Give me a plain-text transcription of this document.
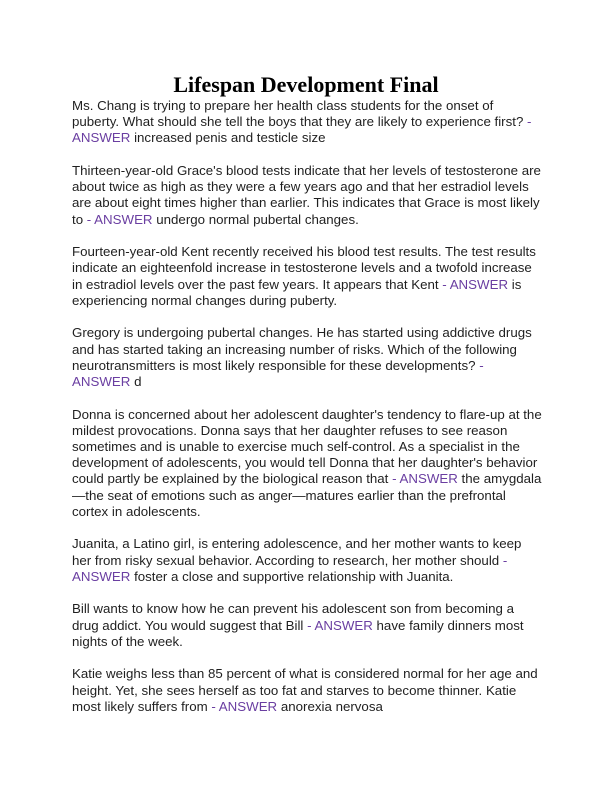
Lifespan Development Final

Ms. Chang is trying to prepare her health class students for the onset of puberty. What should she tell the boys that they are likely to experience first? - ANSWER increased penis and testicle size

Thirteen-year-old Grace's blood tests indicate that her levels of testosterone are about twice as high as they were a few years ago and that her estradiol levels are about eight times higher than earlier. This indicates that Grace is most likely to - ANSWER undergo normal pubertal changes.

Fourteen-year-old Kent recently received his blood test results. The test results indicate an eighteenfold increase in testosterone levels and a twofold increase in estradiol levels over the past few years. It appears that Kent - ANSWER is experiencing normal changes during puberty.

Gregory is undergoing pubertal changes. He has started using addictive drugs and has started taking an increasing number of risks. Which of the following neurotransmitters is most likely responsible for these developments? - ANSWER d

Donna is concerned about her adolescent daughter's tendency to flare-up at the mildest provocations. Donna says that her daughter refuses to see reason sometimes and is unable to exercise much self-control. As a specialist in the development of adolescents, you would tell Donna that her daughter's behavior could partly be explained by the biological reason that - ANSWER the amygdala—the seat of emotions such as anger—matures earlier than the prefrontal cortex in adolescents.

Juanita, a Latino girl, is entering adolescence, and her mother wants to keep her from risky sexual behavior. According to research, her mother should - ANSWER foster a close and supportive relationship with Juanita.

Bill wants to know how he can prevent his adolescent son from becoming a drug addict. You would suggest that Bill - ANSWER have family dinners most nights of the week.

Katie weighs less than 85 percent of what is considered normal for her age and height. Yet, she sees herself as too fat and starves to become thinner. Katie most likely suffers from - ANSWER anorexia nervosa
